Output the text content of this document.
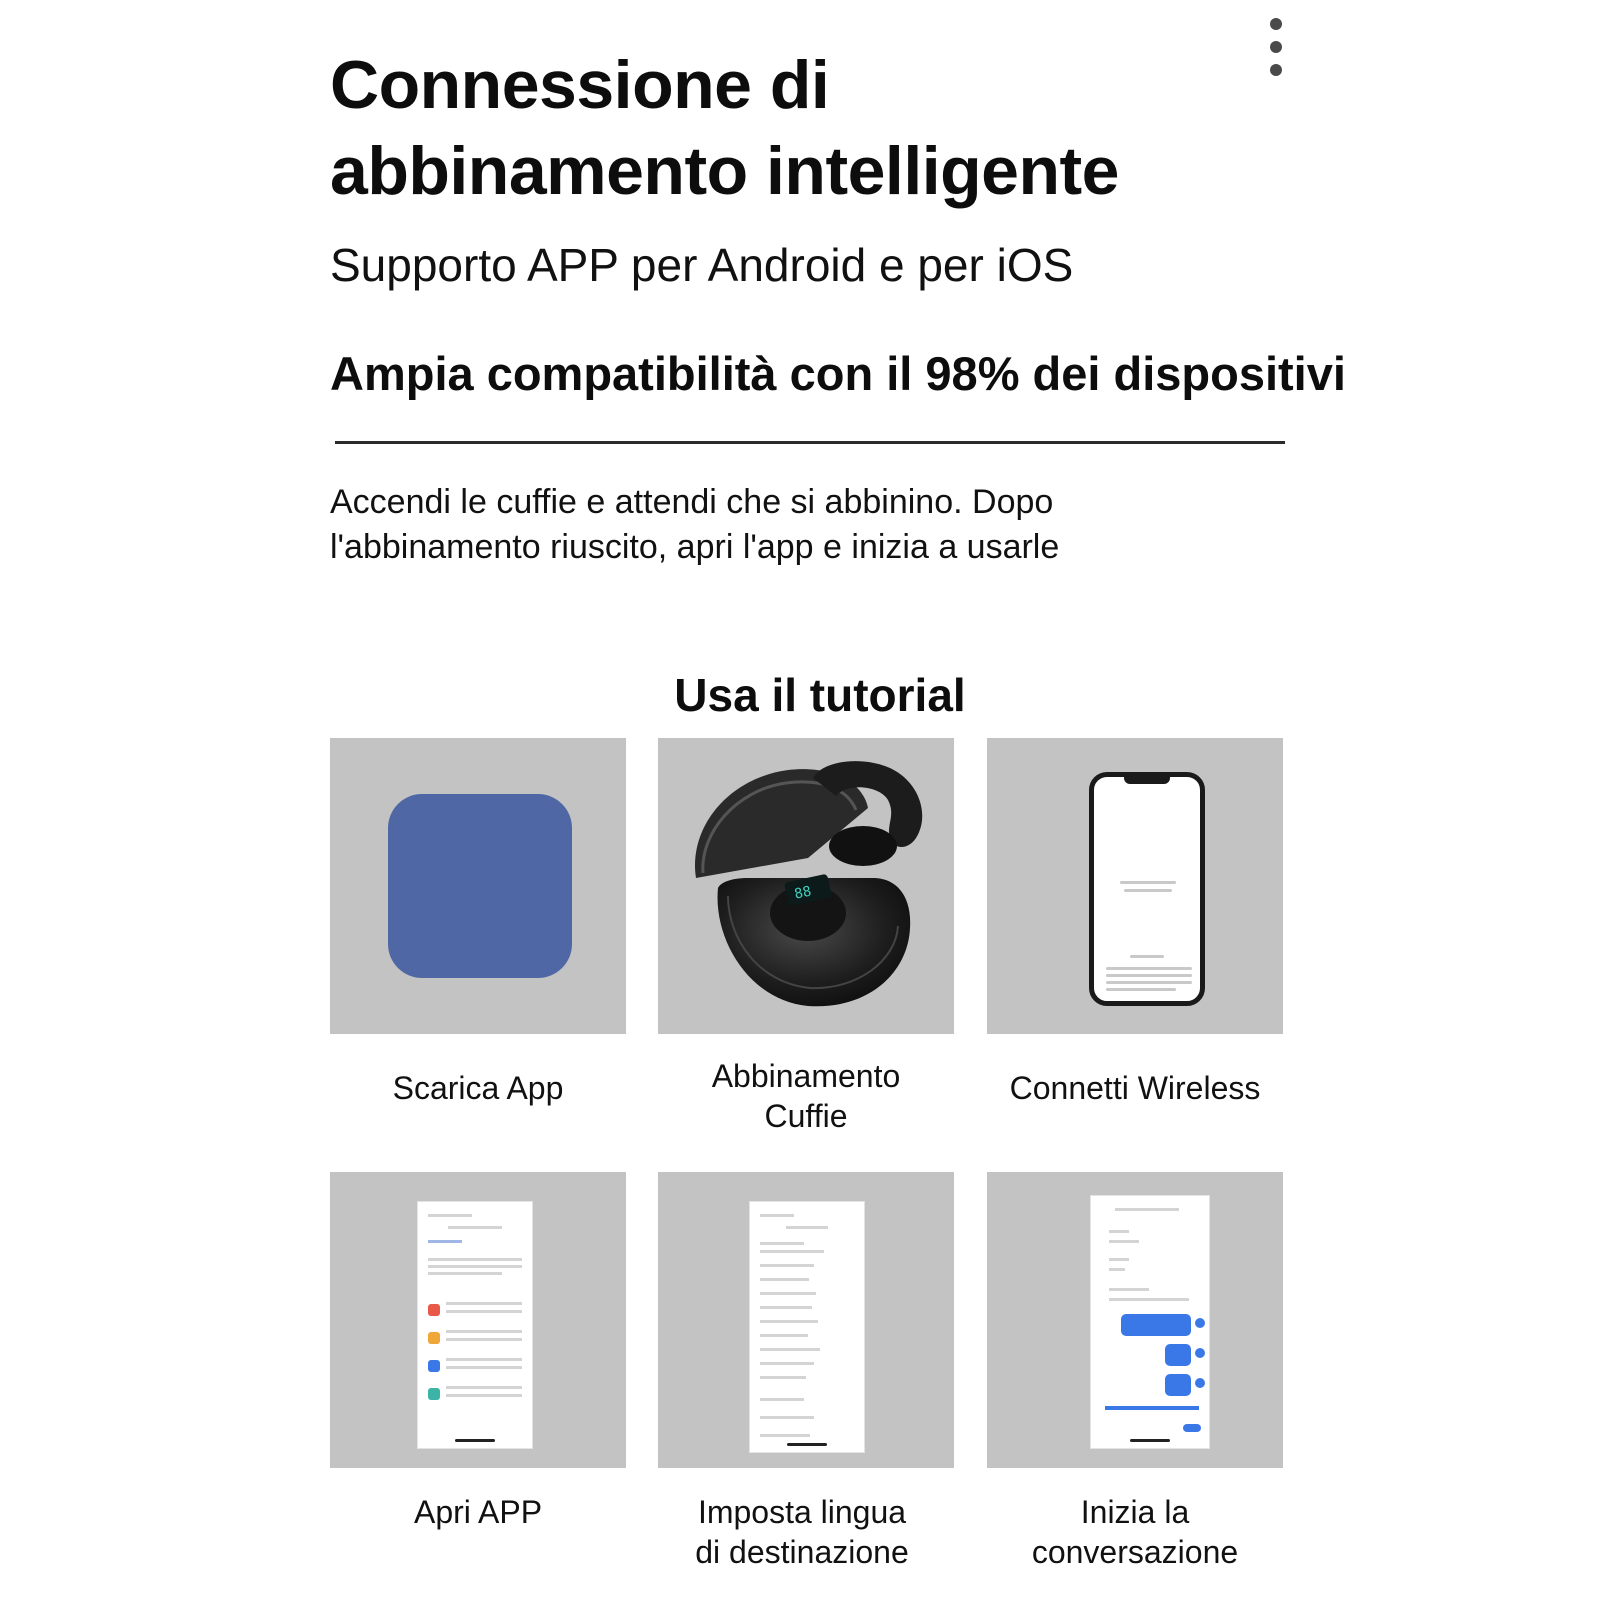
Connessione di
abbinamento intelligente
Supporto APP per Android e per iOS
Ampia compatibilità con il 98% dei dispositivi

Accendi le cuffie e attendi che si abbinino. Dopo
l'abbinamento riuscito, apri l'app e inizia a usarle

Usa il tutorial
88
Scarica App	Abbinamento
Cuffie
Connetti Wireless
Apri APP	Imposta lingua
di destinazione
Inizia la
conversazione
